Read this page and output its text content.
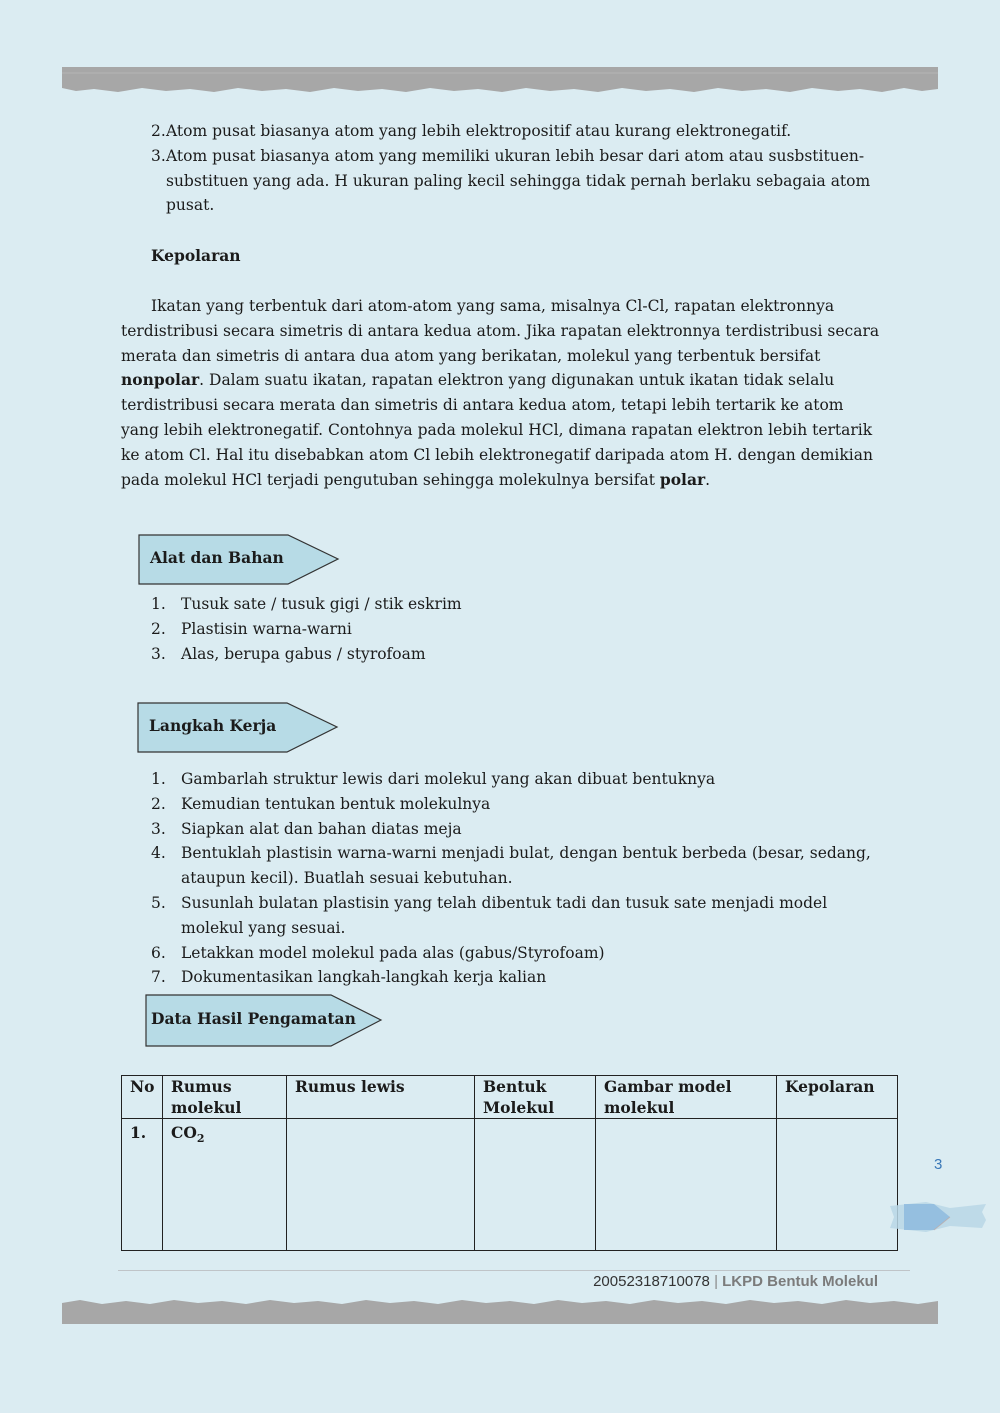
2. Atom pusat biasanya atom yang lebih elektropositif atau kurang elektronegatif.
3. Atom pusat biasanya atom yang memiliki ukuran lebih besar dari atom atau susbstituen-substituen yang ada. H ukuran paling kecil sehingga tidak pernah berlaku sebagaia atom pusat.
Kepolaran

Ikatan yang terbentuk dari atom-atom yang sama, misalnya Cl-Cl, rapatan elektronnya terdistribusi secara simetris di antara kedua atom. Jika rapatan elektronnya terdistribusi secara merata dan simetris di antara dua atom yang berikatan, molekul yang terbentuk bersifat nonpolar. Dalam suatu ikatan, rapatan elektron yang digunakan untuk ikatan tidak selalu terdistribusi secara merata dan simetris di antara kedua atom, tetapi lebih tertarik ke atom yang lebih elektronegatif. Contohnya pada molekul HCl, dimana rapatan elektron lebih tertarik ke atom Cl. Hal itu disebabkan atom Cl lebih elektronegatif daripada atom H. dengan demikian pada molekul HCl terjadi pengutuban sehingga molekulnya bersifat polar.

Alat dan Bahan
1. Tusuk sate / tusuk gigi / stik eskrim
2. Plastisin warna-warni
3. Alas, berupa gabus / styrofoam
Langkah Kerja
1. Gambarlah struktur lewis dari molekul yang akan dibuat bentuknya
2. Kemudian tentukan bentuk molekulnya
3. Siapkan alat dan bahan diatas meja
4. Bentuklah plastisin warna-warni menjadi bulat, dengan bentuk berbeda (besar, sedang, ataupun kecil). Buatlah sesuai kebutuhan.
5. Susunlah bulatan plastisin yang telah dibentuk tadi dan tusuk sate menjadi model molekul yang sesuai.
6. Letakkan model molekul pada alas (gabus/Styrofoam)
7. Dokumentasikan langkah-langkah kerja kalian
Data Hasil Pengamatan
No	Rumus molekul	Rumus lewis	Bentuk Molekul	Gambar model molekul	Kepolaran
1.	$CO_2$				
3
20052318710078 | LKPD Bentuk Molekul
